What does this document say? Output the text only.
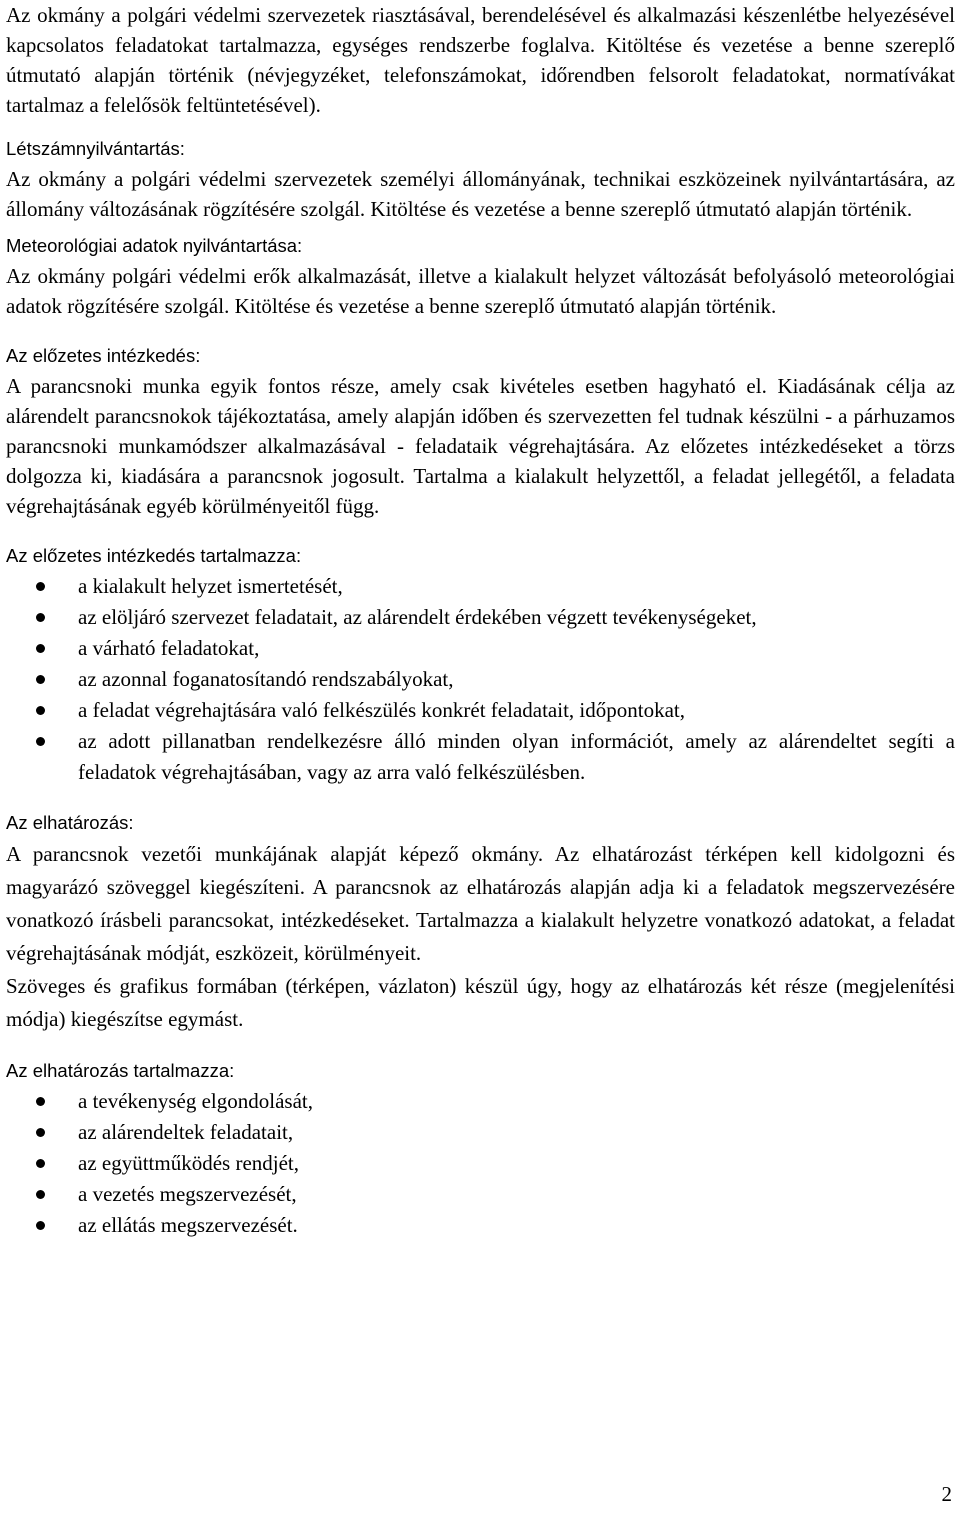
Az okmány a polgári védelmi szervezetek riasztásával, berendelésével és alkalmazási készenlétbe helyezésével kapcsolatos feladatokat tartalmazza, egységes rendszerbe foglalva. Kitöltése és vezetése a benne szereplő útmutató alapján történik (névjegyzéket, telefonszámokat, időrendben felsorolt feladatokat, normatívákat tartalmaz a felelősök feltüntetésével).

Létszámnyilvántartás:

Az okmány a polgári védelmi szervezetek személyi állományának, technikai eszközeinek nyilvántartására, az állomány változásának rögzítésére szolgál. Kitöltése és vezetése a benne szereplő útmutató alapján történik.

Meteorológiai adatok nyilvántartása:

Az okmány polgári védelmi erők alkalmazását, illetve a kialakult helyzet változását befolyásoló meteorológiai adatok rögzítésére szolgál. Kitöltése és vezetése a benne szereplő útmutató alapján történik.

Az előzetes intézkedés:

A parancsnoki munka egyik fontos része, amely csak kivételes esetben hagyható el. Kiadásának célja az alárendelt parancsnokok tájékoztatása, amely alapján időben és szervezetten fel tudnak készülni - a párhuzamos parancsnoki munkamódszer alkalmazásával - feladataik végrehajtására. Az előzetes intézkedéseket a törzs dolgozza ki, kiadására a parancsnok jogosult. Tartalma a kialakult helyzettől, a feladat jellegétől, a feladata végrehajtásának egyéb körülményeitől függ.

Az előzetes intézkedés tartalmazza:

a kialakult helyzet ismertetését,
az elöljáró szervezet feladatait, az alárendelt érdekében végzett tevékenységeket,
a várható feladatokat,
az azonnal foganatosítandó rendszabályokat,
a feladat végrehajtására való felkészülés konkrét feladatait, időpontokat,
az adott pillanatban rendelkezésre álló minden olyan információt, amely az alárendeltet segíti a feladatok végrehajtásában, vagy az arra való felkészülésben.

Az elhatározás:

A parancsnok vezetői munkájának alapját képező okmány. Az elhatározást térképen kell kidolgozni és magyarázó szöveggel kiegészíteni. A parancsnok az elhatározás alapján adja ki a feladatok megszervezésére vonatkozó írásbeli parancsokat, intézkedéseket. Tartalmazza a kialakult helyzetre vonatkozó adatokat, a feladat végrehajtásának módját, eszközeit, körülményeit.

Szöveges és grafikus formában (térképen, vázlaton) készül úgy, hogy az elhatározás két része (megjelenítési módja) kiegészítse egymást.

Az elhatározás tartalmazza:

a tevékenység elgondolását,
az alárendeltek feladatait,
az együttműködés rendjét,
a vezetés megszervezését,
az ellátás megszervezését.
2
